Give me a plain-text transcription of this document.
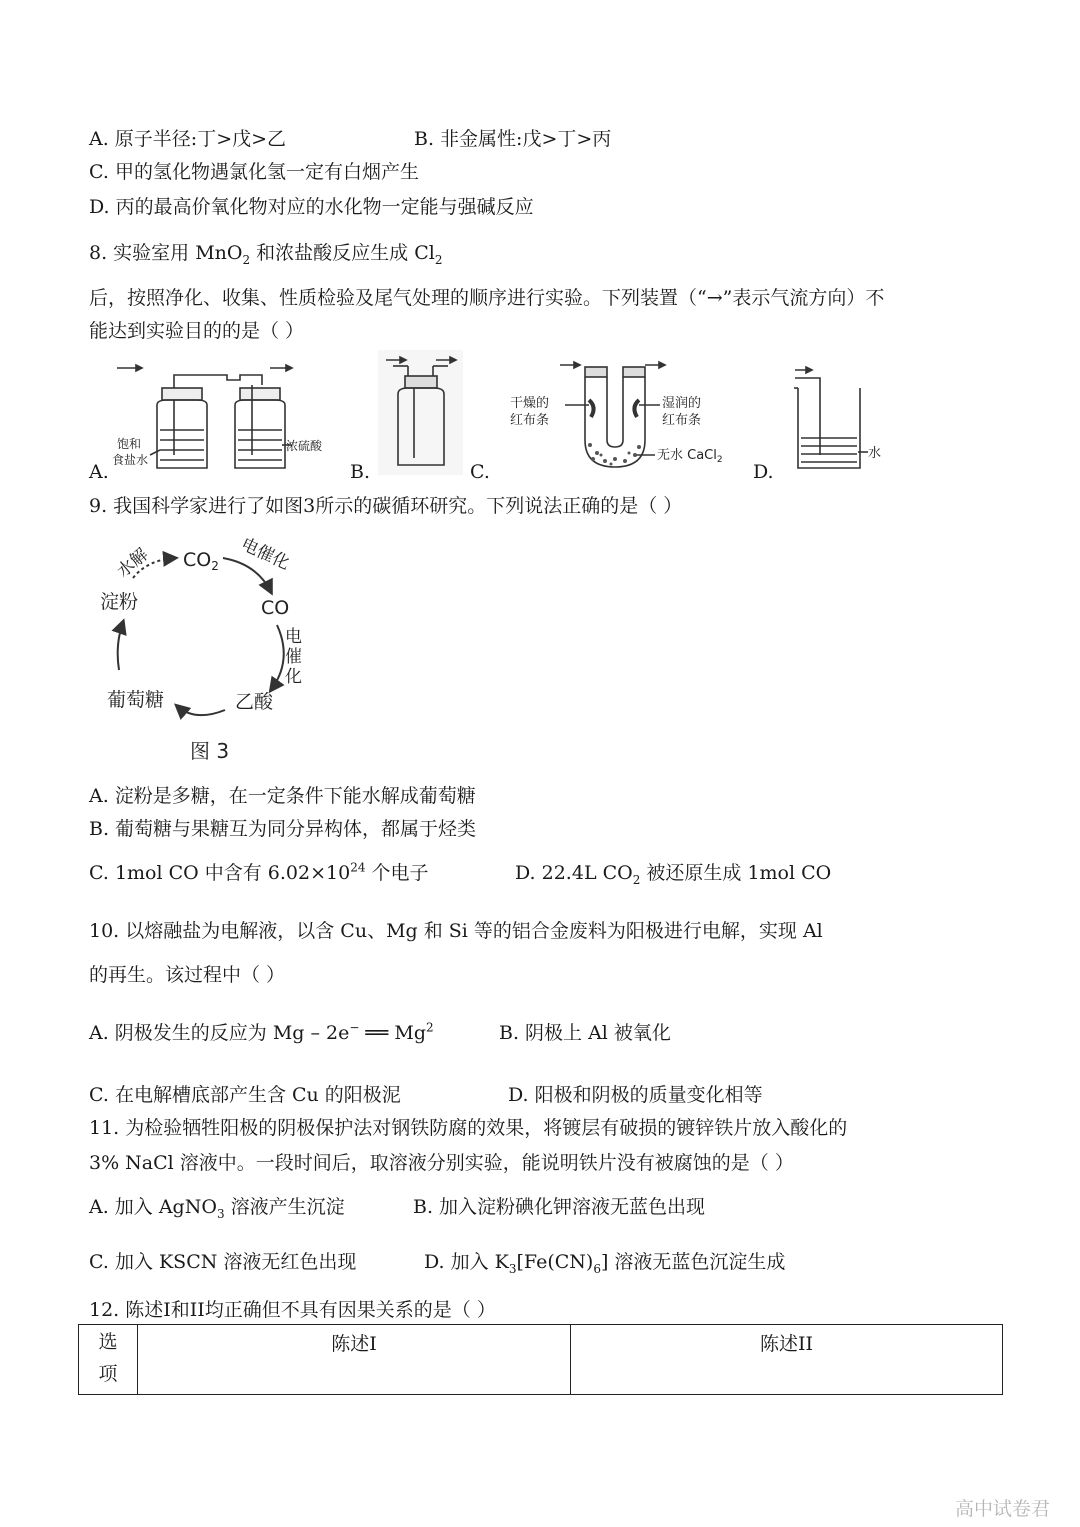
A. 原子半径:丁>戊>乙	B. 非金属性:戊>丁>丙
C. 甲的氢化物遇氯化氢一定有白烟产生
D. 丙的最高价氧化物对应的水化物一定能与强碱反应
8. 实验室用 MnO$_2$ 和浓盐酸反应生成 $Cl_2$
后，按照净化、收集、性质检验及尾气处理的顺序进行实验。下列装置（“→”表示气流方向）不
能达到实验目的的是（ ）
A.	B.	C.	D.
饱和
食盐水
浓硫酸
干燥的
红布条
湿润的
红布条
无水 CaCl$_2$	水
9. 我国科学家进行了如图3所示的碳循环研究。下列说法正确的是（ ）
$CO_2$ 电催化
CO
电
催
化
乙酸
葡萄糖
淀粉
水解
图 3
A. 淀粉是多糖，在一定条件下能水解成葡萄糖
B. 葡萄糖与果糖互为同分异构体，都属于烃类
C. 1mol CO 中含有 $6.02\times 10^{24}$ 个电子	D. 22.4L $CO_2$ 被还原生成 1mol CO
10. 以熔融盐为电解液，以含 Cu、Mg 和 Si 等的铝合金废料为阳极进行电解，实现 Al
的再生。该过程中（ ）
A. 阴极发生的反应为 Mg – 2e− ══ Mg$^2$	B. 阴极上 Al 被氧化
C. 在电解槽底部产生含 Cu 的阳极泥	D. 阳极和阴极的质量变化相等
11. 为检验牺牲阳极的阴极保护法对钢铁防腐的效果，将镀层有破损的镀锌铁片放入酸化的
3% NaCl 溶液中。一段时间后，取溶液分别实验，能说明铁片没有被腐蚀的是（ ）
A. 加入 AgNO$_3$ 溶液产生沉淀	B. 加入淀粉碘化钾溶液无蓝色出现
C. 加入 KSCN 溶液无红色出现	D. 加入 $K_3[Fe(CN)_6]$ 溶液无蓝色沉淀生成
12. 陈述I和II均正确但不具有因果关系的是（ ）
选
项	陈述I	陈述II
高中试卷君
